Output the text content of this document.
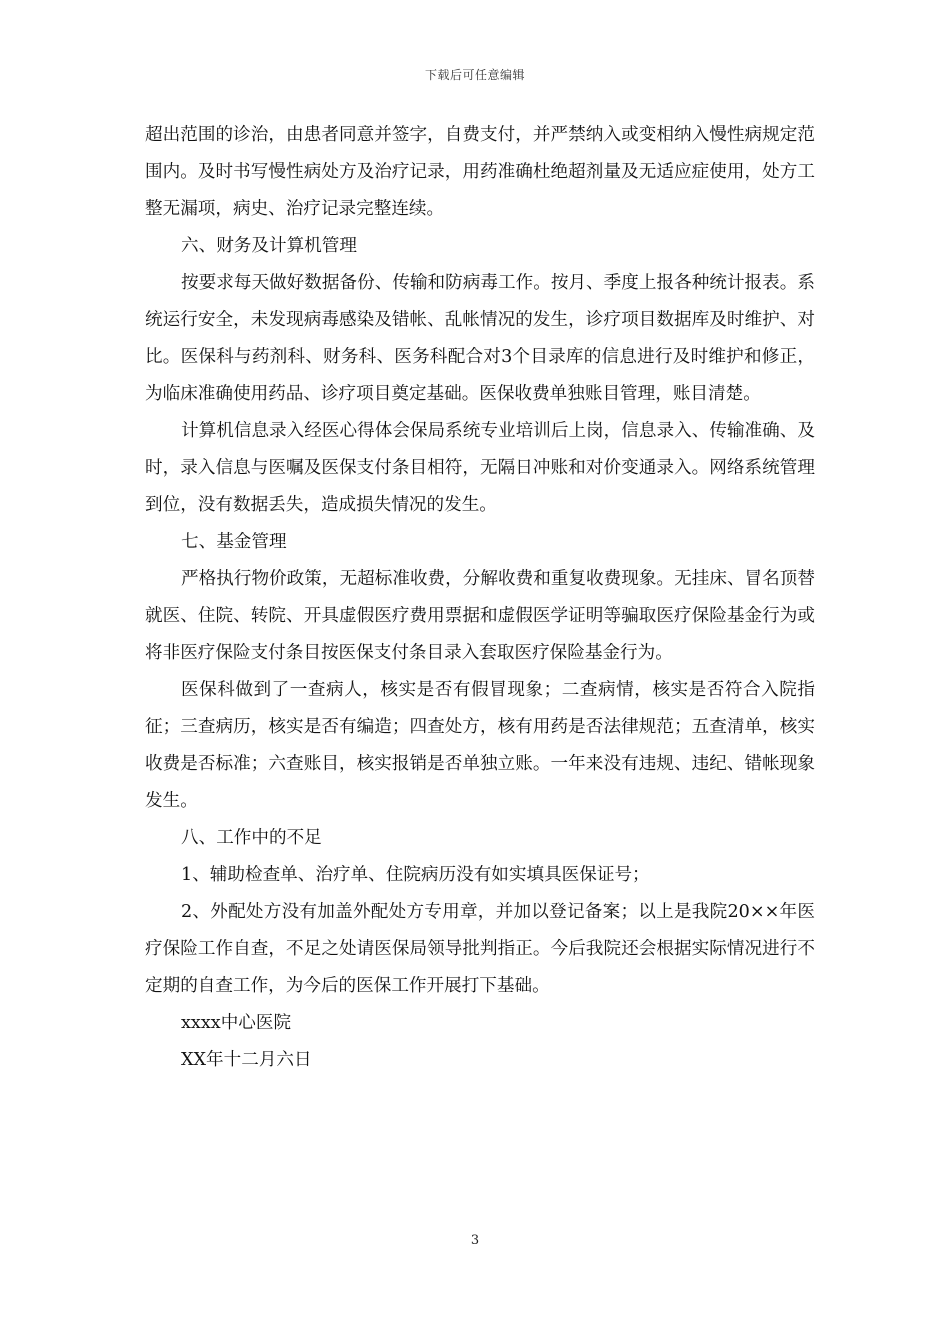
下载后可任意编辑

超出范围的诊治，由患者同意并签字，自费支付，并严禁纳入或变相纳入慢性病规定范围内。及时书写慢性病处方及治疗记录，用药准确杜绝超剂量及无适应症使用，处方工整无漏项，病史、治疗记录完整连续。

六、财务及计算机管理

按要求每天做好数据备份、传输和防病毒工作。按月、季度上报各种统计报表。系统运行安全，未发现病毒感染及错帐、乱帐情况的发生，诊疗项目数据库及时维护、对比。医保科与药剂科、财务科、医务科配合对3个目录库的信息进行及时维护和修正，为临床准确使用药品、诊疗项目奠定基础。医保收费单独账目管理，账目清楚。

计算机信息录入经医心得体会保局系统专业培训后上岗，信息录入、传输准确、及时，录入信息与医嘱及医保支付条目相符，无隔日冲账和对价变通录入。网络系统管理到位，没有数据丢失，造成损失情况的发生。

七、基金管理

严格执行物价政策，无超标准收费，分解收费和重复收费现象。无挂床、冒名顶替就医、住院、转院、开具虚假医疗费用票据和虚假医学证明等骗取医疗保险基金行为或将非医疗保险支付条目按医保支付条目录入套取医疗保险基金行为。

医保科做到了一查病人，核实是否有假冒现象；二查病情，核实是否符合入院指征；三查病历，核实是否有编造；四查处方，核有用药是否法律规范；五查清单，核实收费是否标准；六查账目，核实报销是否单独立账。一年来没有违规、违纪、错帐现象发生。

八、工作中的不足

1、辅助检查单、治疗单、住院病历没有如实填具医保证号；

2、外配处方没有加盖外配处方专用章，并加以登记备案；以上是我院20××年医疗保险工作自查，不足之处请医保局领导批判指正。今后我院还会根据实际情况进行不定期的自查工作，为今后的医保工作开展打下基础。

xxxx中心医院

XX年十二月六日

3
